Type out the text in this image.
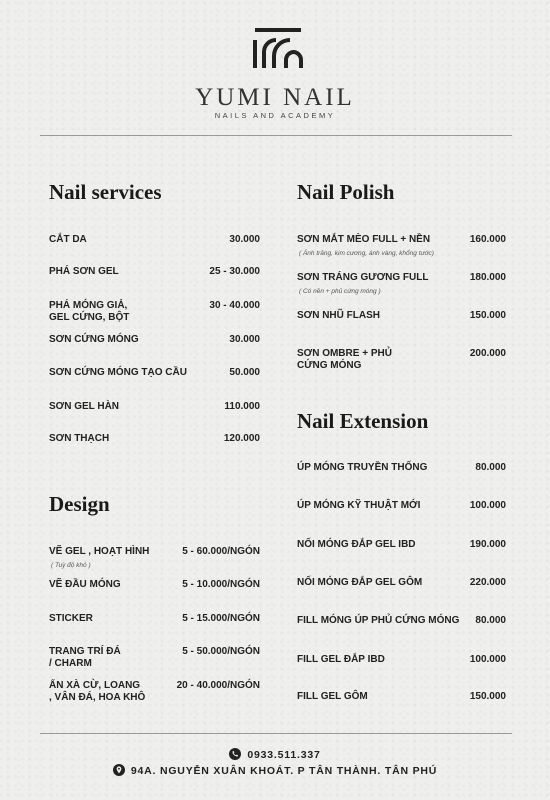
YUMI NAIL
NAILS AND ACADEMY
Nail services
CẮT DA	30.000
PHÁ SƠN GEL	25 - 30.000
PHÁ MÓNG GIẢ,
GEL CỨNG, BỘT
30 - 40.000
SƠN CỨNG MÓNG	30.000
SƠN CỨNG MÓNG TẠO CẦU	50.000
SƠN GEL HÀN	110.000
SƠN THẠCH	120.000
Design
VẼ GEL , HOẠT HÌNH	5 - 60.000/NGÓN
( Tuỳ độ khó )
VẼ ĐẦU MÓNG	5 - 10.000/NGÓN
STICKER	5 - 15.000/NGÓN
TRANG TRÍ ĐÁ
/ CHARM
5 - 50.000/NGÓN
ẨN XÀ CỪ, LOANG
, VÂN ĐÁ, HOA KHÔ
20 - 40.000/NGÓN
Nail Polish
SƠN MẮT MÈO FULL + NỀN	160.000
( Ánh trăng, kim cương, ánh vàng, khổng tước)
SƠN TRÁNG GƯƠNG FULL	180.000
( Có nền + phủ cứng móng )
SƠN NHŨ FLASH	150.000
SƠN OMBRE + PHỦ
CỨNG MÓNG
200.000
Nail Extension
ÚP MÓNG TRUYỀN THỐNG	80.000
ÚP MÓNG KỸ THUẬT MỚI	100.000
NỐI MÓNG ĐẮP GEL IBD	190.000
NỐI MÓNG ĐẮP GEL GÔM	220.000
FILL MÓNG ÚP PHỦ CỨNG MÓNG 80.000
FILL GEL ĐẮP IBD	100.000
FILL GEL GÔM	150.000
0933.511.337
94A. NGUYỄN XUÂN KHOÁT. P TÂN THÀNH. TÂN PHÚ
